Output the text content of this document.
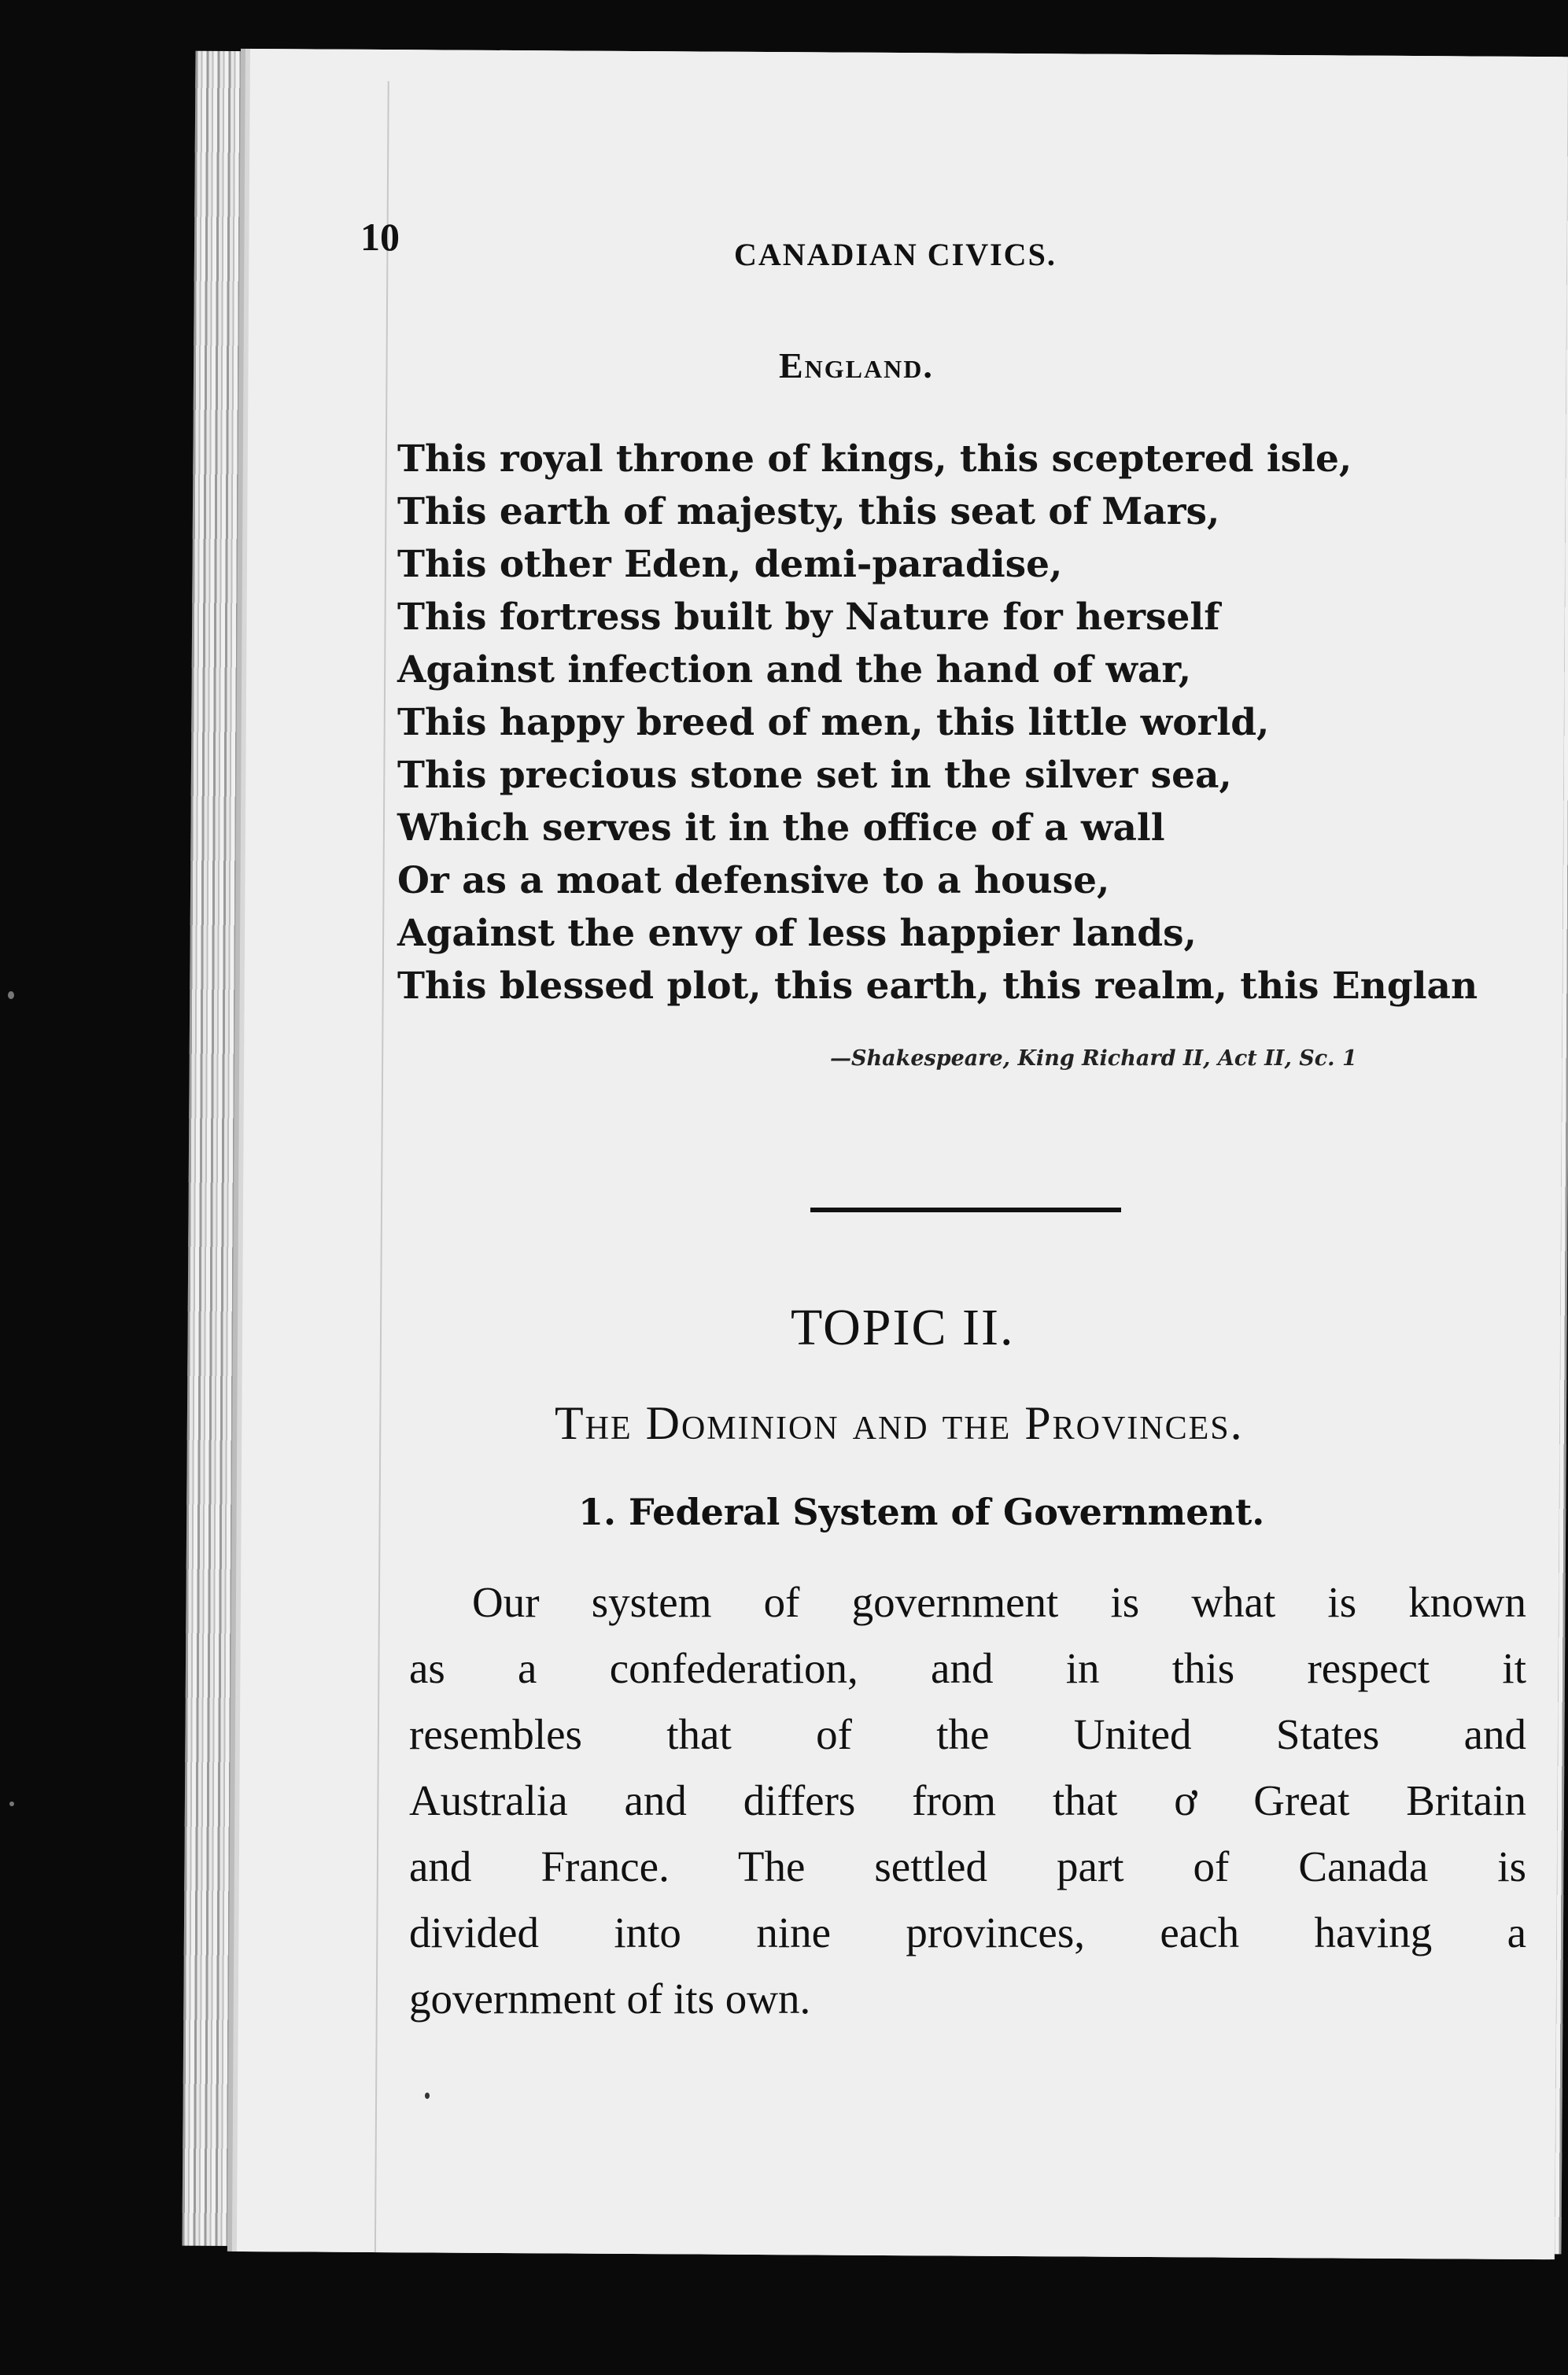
10	CANADIAN CIVICS.
England.
This royal throne of kings, this sceptered isle,
This earth of majesty, this seat of Mars,
This other Eden, demi-paradise,
This fortress built by Nature for herself
Against infection and the hand of war,
This happy breed of men, this little world,
This precious stone set in the silver sea,
Which serves it in the office of a wall
Or as a moat defensive to a house,
Against the envy of less happier lands,
This blessed plot, this earth, this realm, this Englan
—Shakespeare, King Richard II, Act II, Sc. 1
TOPIC II.
The Dominion and the Provinces.
1. Federal System of Government.
Our system of government is what is known
as a confederation, and in this respect it
resembles that of the United States and
Australia and differs from that ơ Great Britain
and France. The settled part of Canada is
divided into nine provinces, each having a
government of its own.
